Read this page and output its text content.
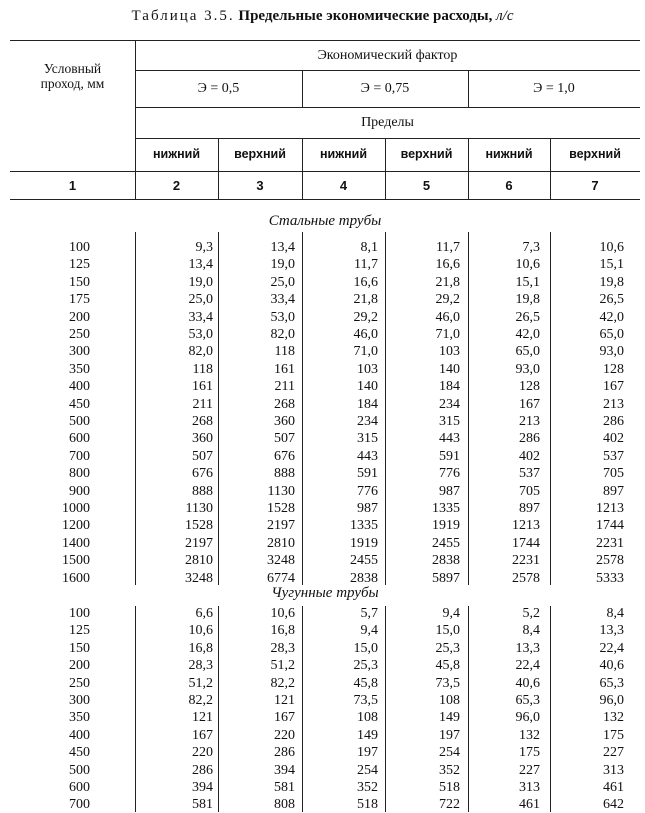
Таблица 3.5. Предельные экономические расходы, л/с
Условный проход, мм
Экономический фактор
Э = 0,5	Э = 0,75	Э = 1,0
Пределы
нижний	верхний	нижний	верхний	нижний	верхний
1	2	3	4	5	6	7
Стальные трубы
Чугунные трубы
100	9,3	13,4	8,1	11,7	7,3	10,6
125	13,4	19,0	11,7	16,6	10,6	15,1
150	19,0	25,0	16,6	21,8	15,1	19,8
175	25,0	33,4	21,8	29,2	19,8	26,5
200	33,4	53,0	29,2	46,0	26,5	42,0
250	53,0	82,0	46,0	71,0	42,0	65,0
300	82,0	118	71,0	103	65,0	93,0
350	118	161	103	140	93,0	128
400	161	211	140	184	128	167
450	211	268	184	234	167	213
500	268	360	234	315	213	286
600	360	507	315	443	286	402
700	507	676	443	591	402	537
800	676	888	591	776	537	705
900	888	1130	776	987	705	897
1000	1130	1528	987	1335	897	1213
1200	1528	2197	1335	1919	1213	1744
1400	2197	2810	1919	2455	1744	2231
1500	2810	3248	2455	2838	2231	2578
1600	3248	6774	2838	5897	2578	5333
100	6,6	10,6	5,7	9,4	5,2	8,4
125	10,6	16,8	9,4	15,0	8,4	13,3
150	16,8	28,3	15,0	25,3	13,3	22,4
200	28,3	51,2	25,3	45,8	22,4	40,6
250	51,2	82,2	45,8	73,5	40,6	65,3
300	82,2	121	73,5	108	65,3	96,0
350	121	167	108	149	96,0	132
400	167	220	149	197	132	175
450	220	286	197	254	175	227
500	286	394	254	352	227	313
600	394	581	352	518	313	461
700	581	808	518	722	461	642
